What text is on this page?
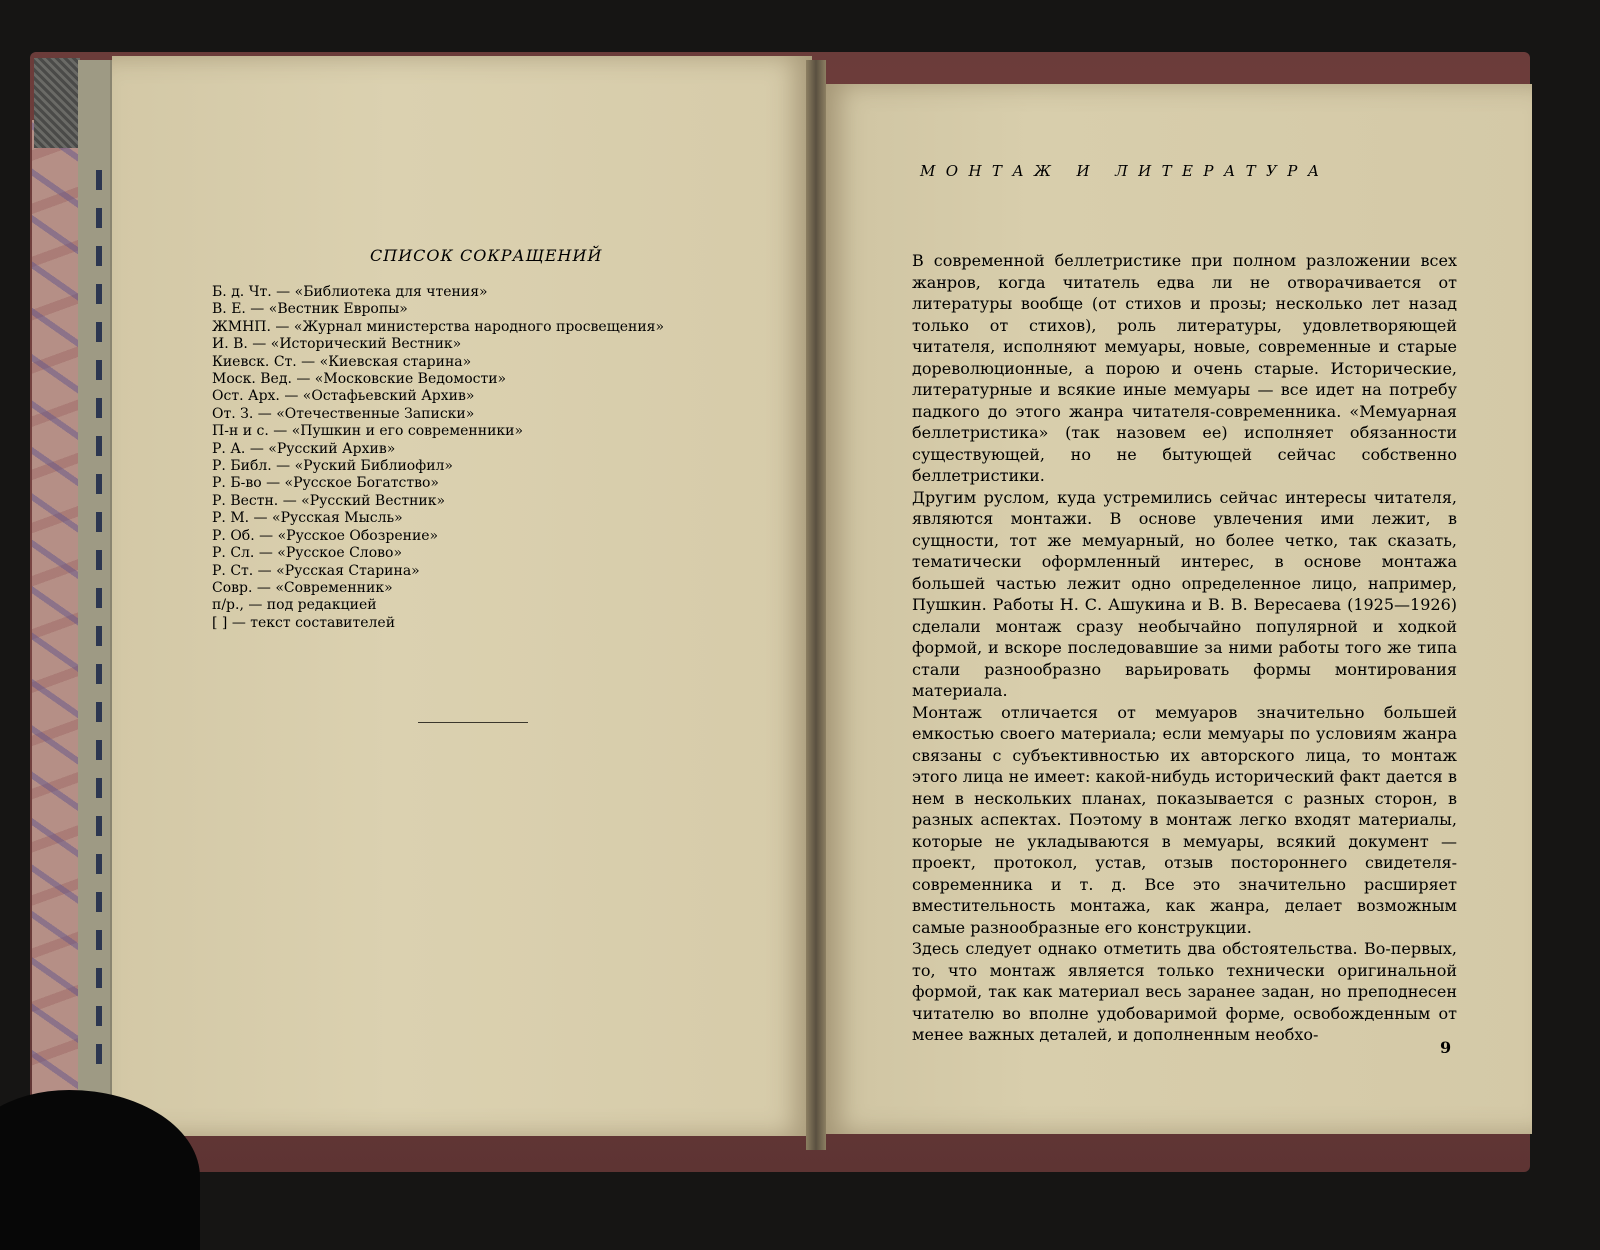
СПИСОК СОКРАЩЕНИЙ
Б. д. Чт. — «Библиотека для чтения»
В. Е. — «Вестник Европы»
ЖМНП. — «Журнал министерства народного просвещения»
И. В. — «Исторический Вестник»
Киевск. Ст. — «Киевская старина»
Моск. Вед. — «Московские Ведомости»
Ост. Арх. — «Остафьевский Архив»
От. З. — «Отечественные Записки»
П-н и с. — «Пушкин и его современники»
Р. А. — «Русский Архив»
Р. Библ. — «Руский Библиофил»
Р. Б-во — «Русское Богатство»
Р. Вестн. — «Русский Вестник»
Р. М. — «Русская Мысль»
Р. Об. — «Русское Обозрение»
Р. Сл. — «Русское Слово»
Р. Ст. — «Русская Старина»
Совр. — «Современник»
п/р., — под редакцией
[ ] — текст составителей
МОНТАЖ И ЛИТЕРАТУРА

В современной беллетристике при полном разложении всех жанров, когда читатель едва ли не отворачивается от литературы вообще (от стихов и прозы; несколько лет назад только от стихов), роль литературы, удовлетворяющей читателя, исполняют мемуары, новые, современные и старые дореволюционные, а порою и очень старые. Исторические, литературные и всякие иные мемуары — все идет на потребу падкого до этого жанра читателя-современника. «Мемуарная беллетристика» (так назовем ее) исполняет обязанности существующей, но не бытующей сейчас собственно беллетристики.

Другим руслом, куда устремились сейчас интересы читателя, являются монтажи. В основе увлечения ими лежит, в сущности, тот же мемуарный, но более четко, так сказать, тематически оформленный интерес, в основе монтажа большей частью лежит одно определенное лицо, например, Пушкин. Работы Н. С. Ашукина и В. В. Вересаева (1925—1926) сделали монтаж сразу необычайно популярной и ходкой формой, и вскоре последовавшие за ними работы того же типа стали разнообразно варьировать формы монтирования материала.

Монтаж отличается от мемуаров значительно большей емкостью своего материала; если мемуары по условиям жанра связаны с субъективностью их авторского лица, то монтаж этого лица не имеет: какой-нибудь исторический факт дается в нем в нескольких планах, показывается с разных сторон, в разных аспектах. Поэтому в монтаж легко входят материалы, которые не укладываются в мемуары, всякий документ — проект, протокол, устав, отзыв постороннего свидетеля-современника и т. д. Все это значительно расширяет вместительность монтажа, как жанра, делает возможным самые разнообразные его конструкции.

Здесь следует однако отметить два обстоятельства. Во-первых, то, что монтаж является только технически оригинальной формой, так как материал весь заранее задан, но преподнесен читателю во вполне удобоваримой форме, освобожденным от менее важных деталей, и дополненным необхо-

9
